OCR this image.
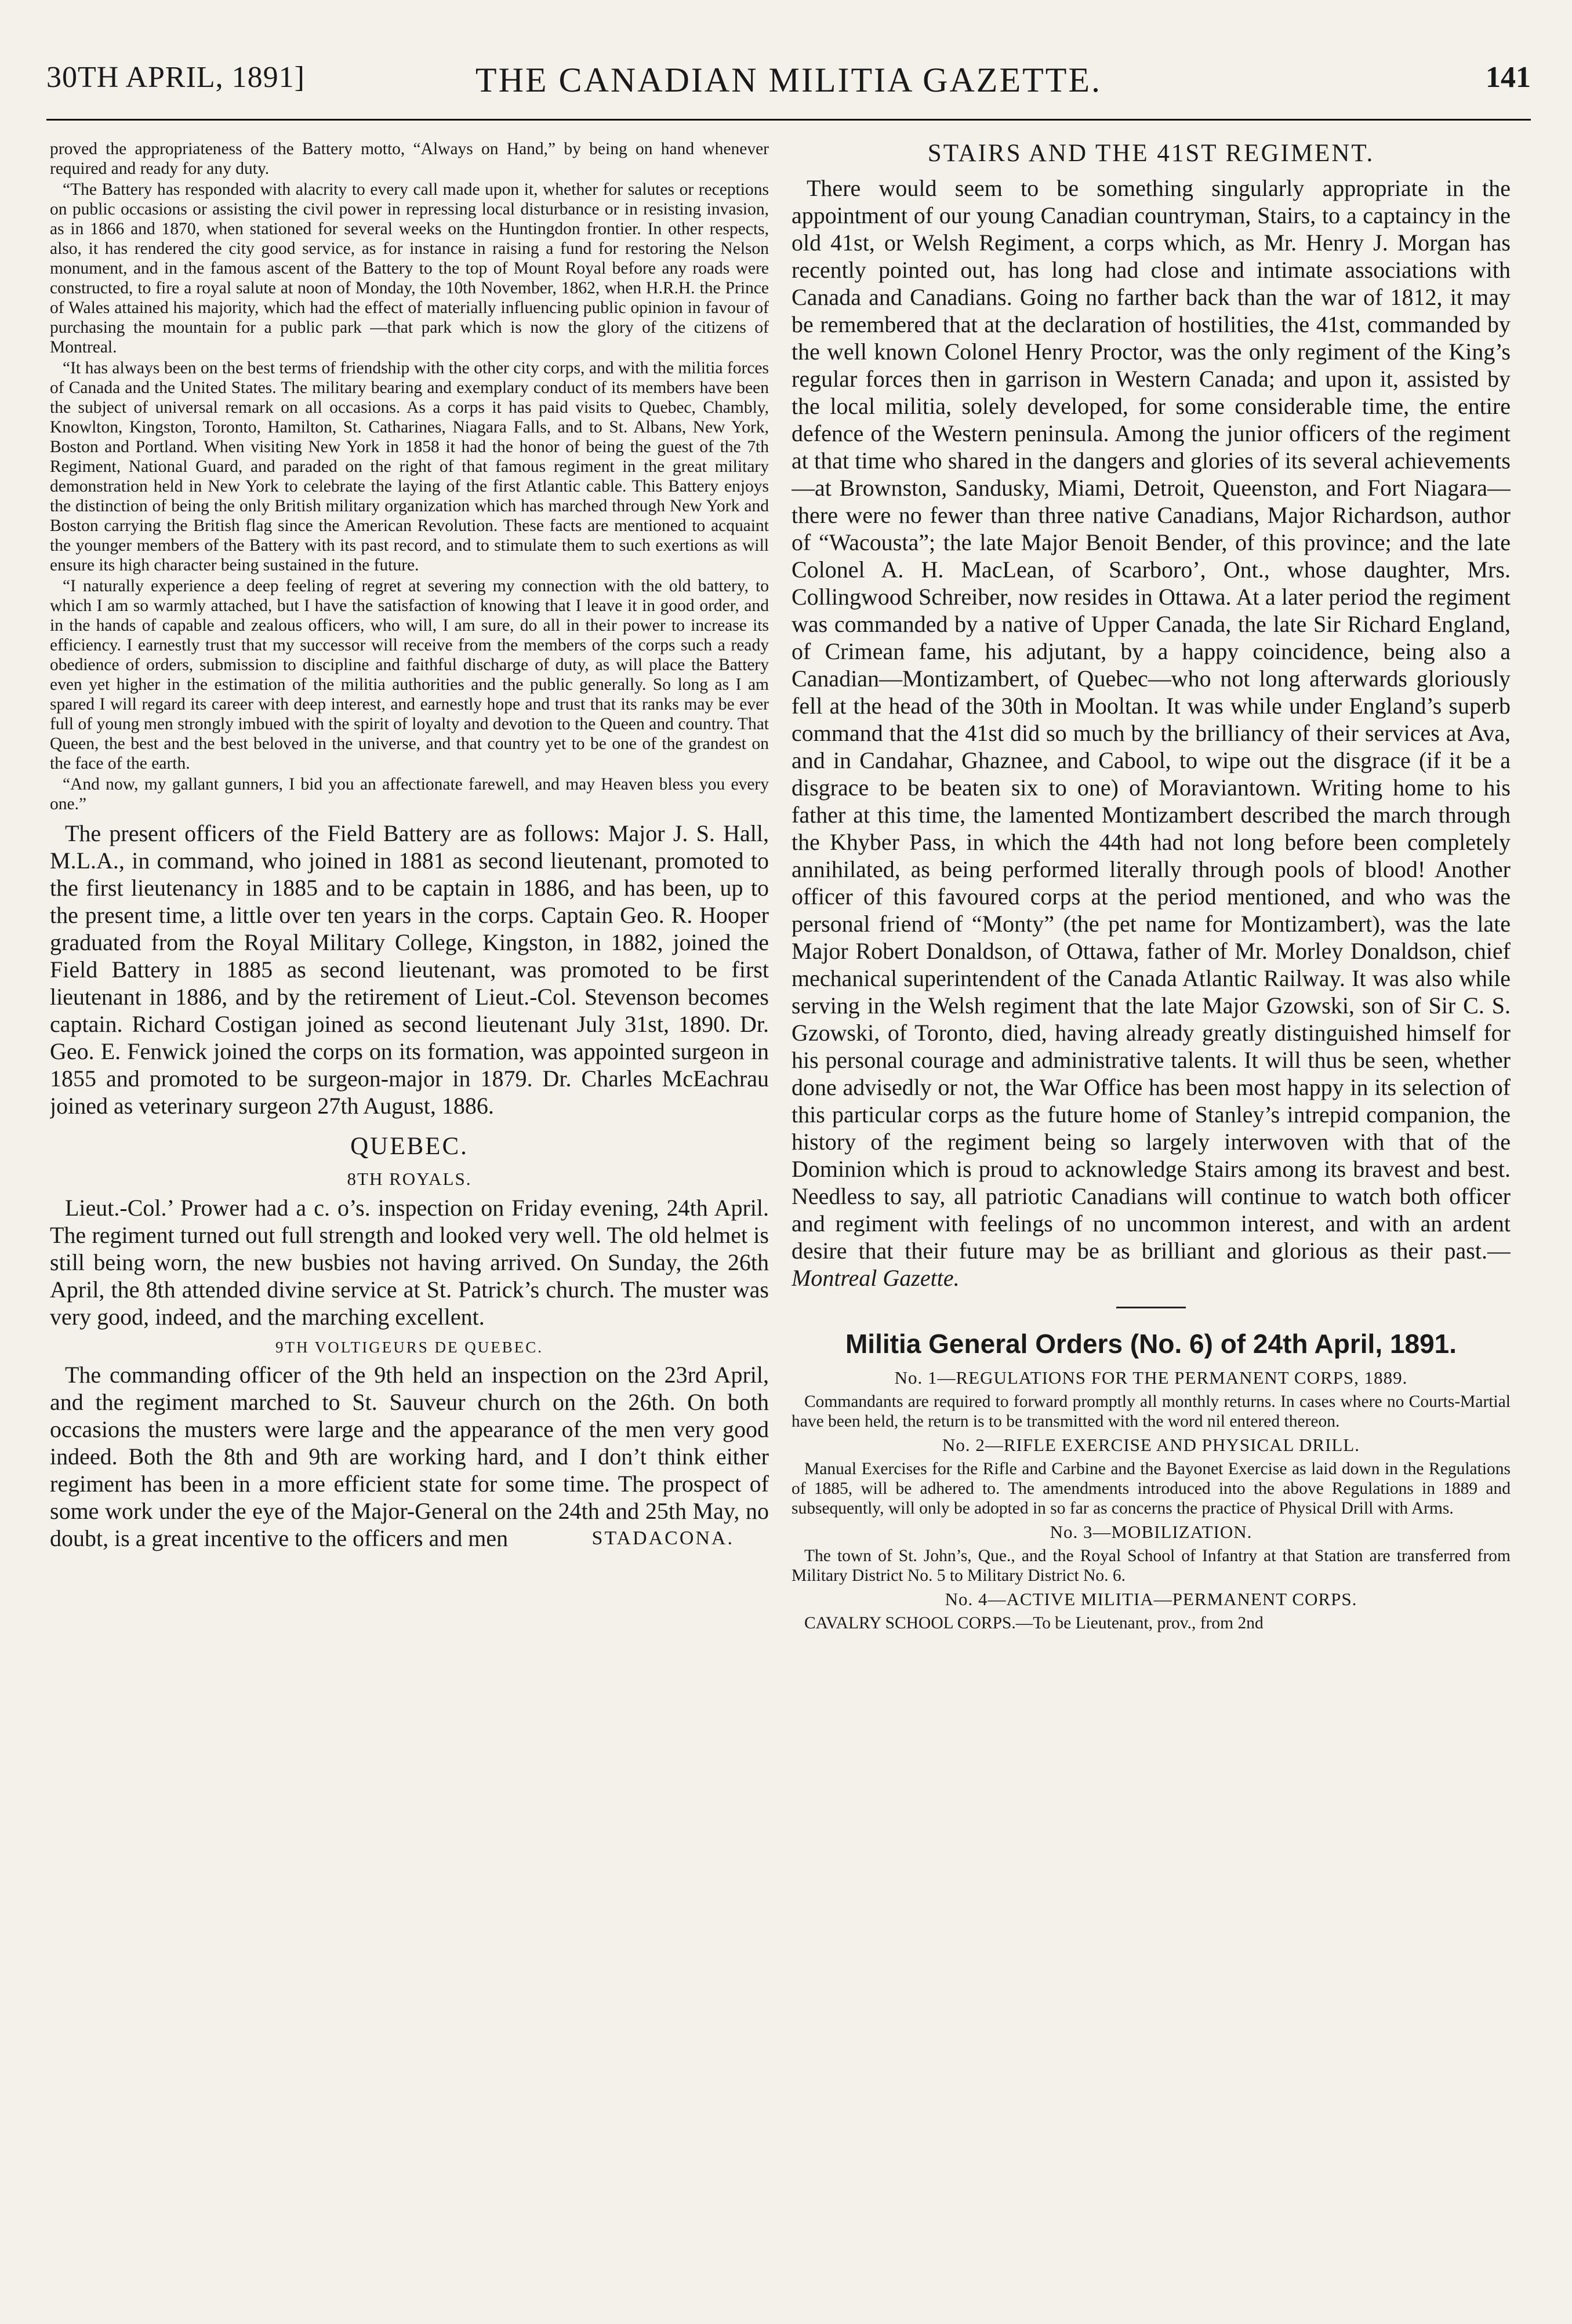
30TH APRIL, 1891]	THE CANADIAN MILITIA GAZETTE.	141

proved the appropriateness of the Battery motto, “Always on Hand,” by being on hand whenever required and ready for any duty.

“The Battery has responded with alacrity to every call made upon it, whether for salutes or receptions on public occasions or assisting the civil power in repressing local disturbance or in resisting invasion, as in 1866 and 1870, when stationed for several weeks on the Huntingdon frontier. In other respects, also, it has rendered the city good service, as for instance in raising a fund for restoring the Nelson monument, and in the famous ascent of the Battery to the top of Mount Royal before any roads were constructed, to fire a royal salute at noon of Monday, the 10th November, 1862, when H.R.H. the Prince of Wales attained his majority, which had the effect of materially influencing public opinion in favour of purchasing the mountain for a public park —that park which is now the glory of the citizens of Montreal.

“It has always been on the best terms of friendship with the other city corps, and with the militia forces of Canada and the United States. The military bearing and exemplary conduct of its members have been the subject of universal remark on all occasions. As a corps it has paid visits to Quebec, Chambly, Knowlton, Kingston, Toronto, Hamilton, St. Catharines, Niagara Falls, and to St. Albans, New York, Boston and Portland. When visiting New York in 1858 it had the honor of being the guest of the 7th Regiment, National Guard, and paraded on the right of that famous regiment in the great military demonstration held in New York to celebrate the laying of the first Atlantic cable. This Battery enjoys the distinction of being the only British military organization which has marched through New York and Boston carrying the British flag since the American Revolution. These facts are mentioned to acquaint the younger members of the Battery with its past record, and to stimulate them to such exertions as will ensure its high character being sustained in the future.

“I naturally experience a deep feeling of regret at severing my connection with the old battery, to which I am so warmly attached, but I have the satisfaction of knowing that I leave it in good order, and in the hands of capable and zealous officers, who will, I am sure, do all in their power to increase its efficiency. I earnestly trust that my successor will receive from the members of the corps such a ready obedience of orders, submission to discipline and faithful discharge of duty, as will place the Battery even yet higher in the estimation of the militia authorities and the public generally. So long as I am spared I will regard its career with deep interest, and earnestly hope and trust that its ranks may be ever full of young men strongly imbued with the spirit of loyalty and devotion to the Queen and country. That Queen, the best and the best beloved in the universe, and that country yet to be one of the grandest on the face of the earth.

“And now, my gallant gunners, I bid you an affectionate farewell, and may Heaven bless you every one.”

The present officers of the Field Battery are as follows: Major J. S. Hall, M.L.A., in command, who joined in 1881 as second lieutenant, promoted to the first lieutenancy in 1885 and to be captain in 1886, and has been, up to the present time, a little over ten years in the corps. Captain Geo. R. Hooper graduated from the Royal Military College, Kingston, in 1882, joined the Field Battery in 1885 as second lieutenant, was promoted to be first lieutenant in 1886, and by the retirement of Lieut.-Col. Stevenson becomes captain. Richard Costigan joined as second lieutenant July 31st, 1890. Dr. Geo. E. Fenwick joined the corps on its formation, was appointed surgeon in 1855 and promoted to be surgeon-major in 1879. Dr. Charles McEachrau joined as veterinary surgeon 27th August, 1886.

QUEBEC.
8TH ROYALS.

Lieut.-Col.’ Prower had a c. o’s. inspection on Friday evening, 24th April. The regiment turned out full strength and looked very well. The old helmet is still being worn, the new busbies not having arrived. On Sunday, the 26th April, the 8th attended divine service at St. Patrick’s church. The muster was very good, indeed, and the marching excellent.

9TH VOLTIGEURS DE QUEBEC.

The commanding officer of the 9th held an inspection on the 23rd April, and the regiment marched to St. Sauveur church on the 26th. On both occasions the musters were large and the appearance of the men very good indeed. Both the 8th and 9th are working hard, and I don’t think either regiment has been in a more efficient state for some time. The prospect of some work under the eye of the Major-General on the 24th and 25th May, no doubt, is a great incentive to the officers and men	STADACONA.

STAIRS AND THE 41ST REGIMENT.

There would seem to be something singularly appropriate in the appointment of our young Canadian countryman, Stairs, to a captaincy in the old 41st, or Welsh Regiment, a corps which, as Mr. Henry J. Morgan has recently pointed out, has long had close and intimate associations with Canada and Canadians. Going no farther back than the war of 1812, it may be remembered that at the declaration of hostilities, the 41st, commanded by the well known Colonel Henry Proctor, was the only regiment of the King’s regular forces then in garrison in Western Canada; and upon it, assisted by the local militia, solely developed, for some considerable time, the entire defence of the Western peninsula. Among the junior officers of the regiment at that time who shared in the dangers and glories of its several achievements—at Brownston, Sandusky, Miami, Detroit, Queenston, and Fort Niagara—there were no fewer than three native Canadians, Major Richardson, author of “Wacousta”; the late Major Benoit Bender, of this province; and the late Colonel A. H. MacLean, of Scarboro’, Ont., whose daughter, Mrs. Collingwood Schreiber, now resides in Ottawa. At a later period the regiment was commanded by a native of Upper Canada, the late Sir Richard England, of Crimean fame, his adjutant, by a happy coincidence, being also a Canadian—Montizambert, of Quebec—who not long afterwards gloriously fell at the head of the 30th in Mooltan. It was while under England’s superb command that the 41st did so much by the brilliancy of their services at Ava, and in Candahar, Ghaznee, and Cabool, to wipe out the disgrace (if it be a disgrace to be beaten six to one) of Moraviantown. Writing home to his father at this time, the lamented Montizambert described the march through the Khyber Pass, in which the 44th had not long before been completely annihilated, as being performed literally through pools of blood! Another officer of this favoured corps at the period mentioned, and who was the personal friend of “Monty” (the pet name for Montizambert), was the late Major Robert Donaldson, of Ottawa, father of Mr. Morley Donaldson, chief mechanical superintendent of the Canada Atlantic Railway. It was also while serving in the Welsh regiment that the late Major Gzowski, son of Sir C. S. Gzowski, of Toronto, died, having already greatly distinguished himself for his personal courage and administrative talents. It will thus be seen, whether done advisedly or not, the War Office has been most happy in its selection of this particular corps as the future home of Stanley’s intrepid companion, the history of the regiment being so largely interwoven with that of the Dominion which is proud to acknowledge Stairs among its bravest and best. Needless to say, all patriotic Canadians will continue to watch both officer and regiment with feelings of no uncommon interest, and with an ardent desire that their future may be as brilliant and glorious as their past.—Montreal Gazette.

Militia General Orders (No. 6) of 24th April, 1891.
No. 1—REGULATIONS FOR THE PERMANENT CORPS, 1889.

Commandants are required to forward promptly all monthly returns. In cases where no Courts-Martial have been held, the return is to be transmitted with the word nil entered thereon.

No. 2—RIFLE EXERCISE AND PHYSICAL DRILL.

Manual Exercises for the Rifle and Carbine and the Bayonet Exercise as laid down in the Regulations of 1885, will be adhered to. The amendments introduced into the above Regulations in 1889 and subsequently, will only be adopted in so far as concerns the practice of Physical Drill with Arms.

No. 3—MOBILIZATION.

The town of St. John’s, Que., and the Royal School of Infantry at that Station are transferred from Military District No. 5 to Military District No. 6.

No. 4—ACTIVE MILITIA—PERMANENT CORPS.

CAVALRY SCHOOL CORPS.—To be Lieutenant, prov., from 2nd
